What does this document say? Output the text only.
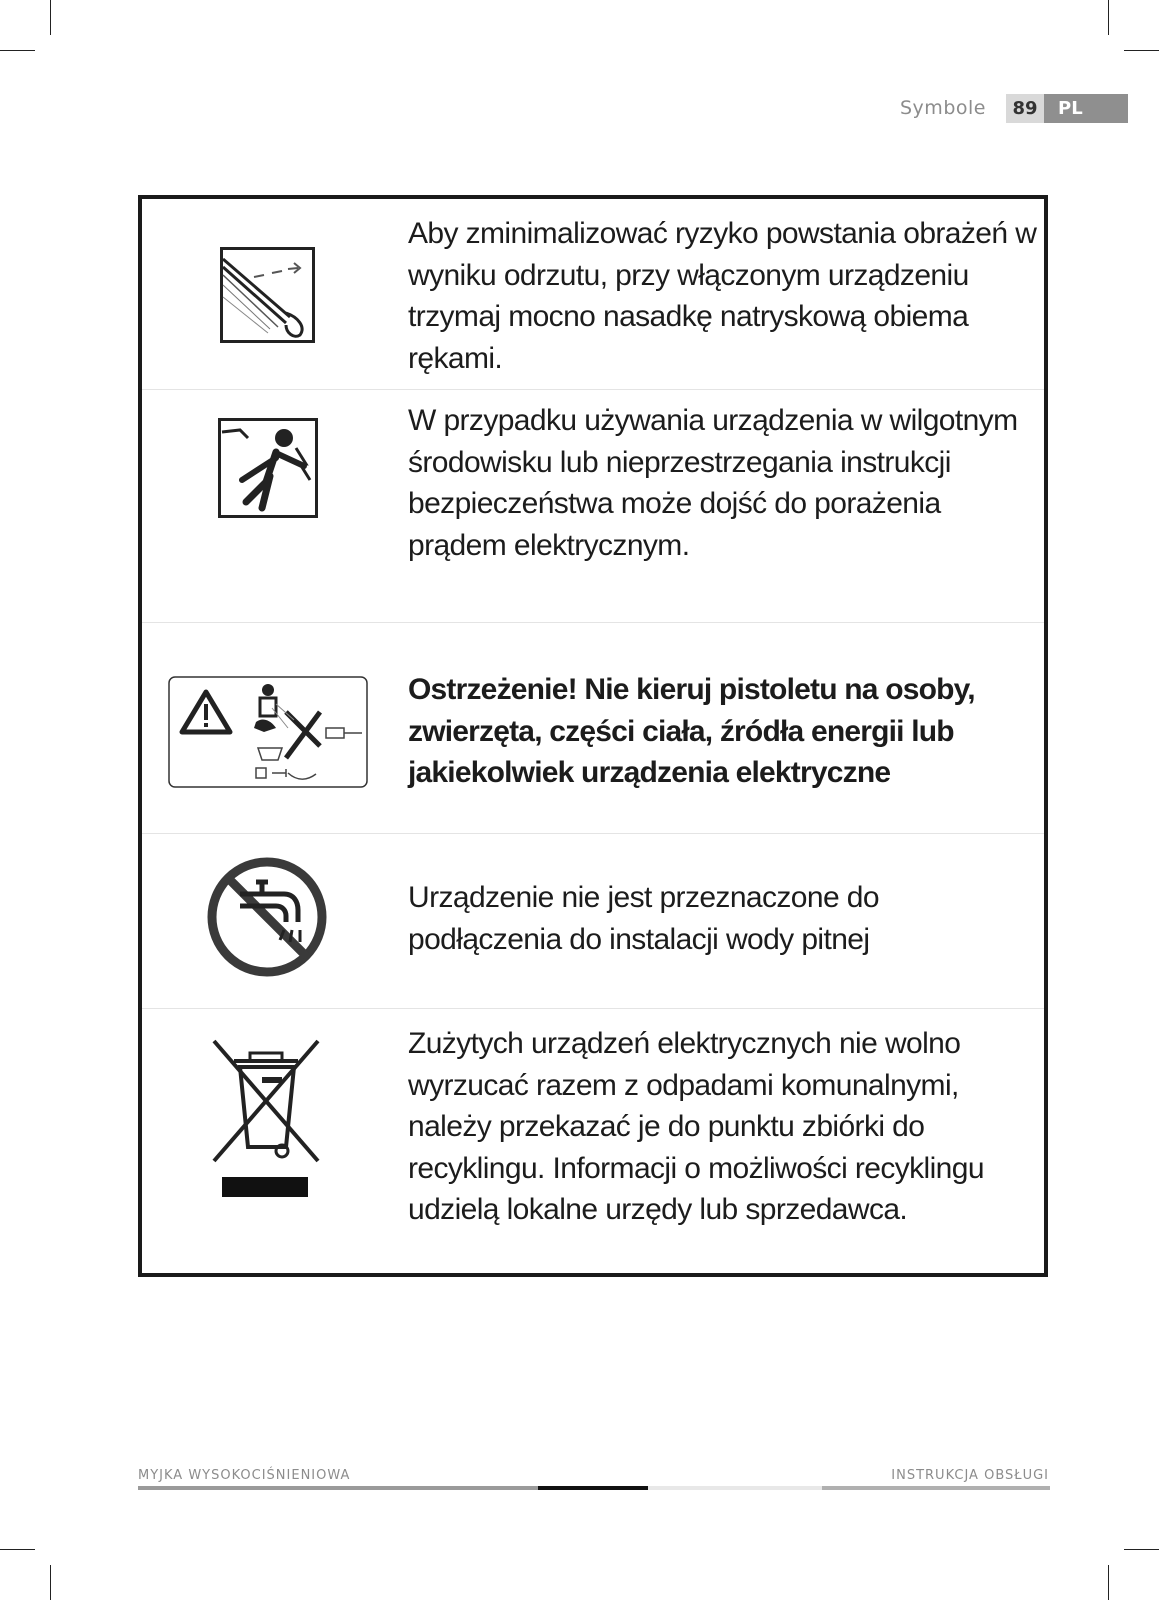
Symbole	89	PL
Aby zminimalizować ryzyko powstania obrażeń w wyniku odrzutu, przy włączonym urządzeniu trzymaj mocno nasadkę natryskową obiema rękami.
W przypadku używania urządzenia w wilgotnym środowisku lub nieprzestrzegania instrukcji bezpieczeństwa może dojść do porażenia prądem elektrycznym.
Ostrzeżenie! Nie kieruj pistoletu na osoby, zwierzęta, części ciała, źródła energii lub jakiekolwiek urządzenia elektryczne
Urządzenie nie jest przeznaczone do podłączenia do instalacji wody pitnej
Zużytych urządzeń elektrycznych nie wolno wyrzucać razem z odpadami komunalnymi, należy przekazać je do punktu zbiórki do recyklingu. Informacji o możliwości recyklingu udzielą lokalne urzędy lub sprzedawca.
MYJKA WYSOKOCIŚNIENIOWA	INSTRUKCJA OBSŁUGI
